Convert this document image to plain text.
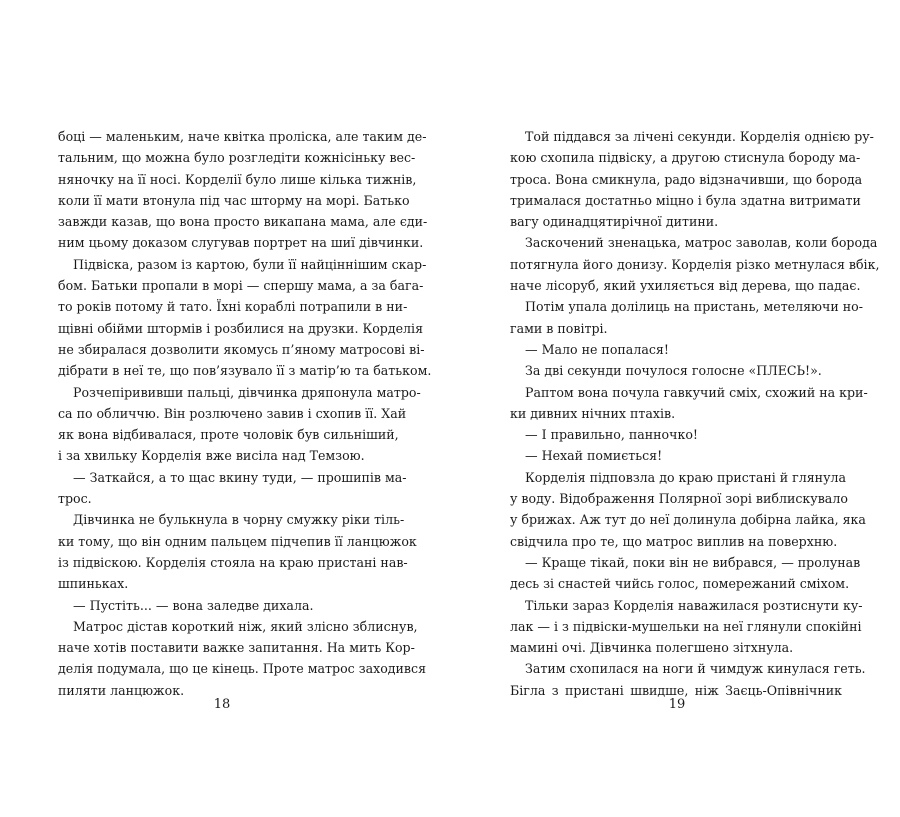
боці — маленьким, наче квітка проліска, але таким де-
тальним, що можна було розгледіти кожнісіньку вес-
няночку на її носі. Корделії було лише кілька тижнів,
коли її мати втонула під час шторму на морі. Батько
завжди казав, що вона просто викапана мама, але єди-
ним цьому доказом слугував портрет на шиї дівчинки.
Підвіска, разом із картою, були її найціннішим скар-
бом. Батьки пропали в морі — спершу мама, а за бага-
то років потому й тато. Їхні кораблі потрапили в ни-
щівні обійми штормів і розбилися на друзки. Корделія
не збиралася дозволити якомусь п’яному матросові ві-
дібрати в неї те, що пов’язувало її з матір’ю та батьком.
Розчепірививши пальці, дівчинка дряпонула матро-
са по обличчю. Він розлючено завив і схопив її. Хай
як вона відбивалася, проте чоловік був сильніший,
і за хвильку Корделія вже висіла над Темзою.
— Заткайся, а то щас вкину туди, — прошипів ма-
трос.
Дівчинка не булькнула в чорну смужку ріки тіль-
ки тому, що він одним пальцем підчепив її ланцюжок
із підвіскою. Корделія стояла на краю пристані нав-
шпиньках.
— Пустіть... — вона заледве дихала.
Матрос дістав короткий ніж, який злісно зблиснув,
наче хотів поставити важке запитання. На мить Кор-
делія подумала, що це кінець. Проте матрос заходився
пиляти ланцюжок.
18
Той піддався за лічені секунди. Корделія однією ру-
кою схопила підвіску, а другою стиснула бороду ма-
троса. Вона смикнула, радо відзначивши, що борода
трималася достатньо міцно і була здатна витримати
вагу одинадцятирічної дитини.
Заскочений зненацька, матрос заволав, коли борода
потягнула його донизу. Корделія різко метнулася вбік,
наче лісоруб, який ухиляється від дерева, що падає.
Потім упала долілиць на пристань, метеляючи но-
гами в повітрі.
— Мало не попалася!
За дві секунди почулося голосне «ПЛЕСЬ!».
Раптом вона почула гавкучий сміх, схожий на кри-
ки дивних нічних птахів.
— І правильно, панночко!
— Нехай помиється!
Корделія підповзла до краю пристані й глянула
у воду. Відображення Полярної зорі виблискувало
у брижах. Аж тут до неї долинула добірна лайка, яка
свідчила про те, що матрос виплив на поверхню.
— Краще тікай, поки він не вибрався, — пролунав
десь зі снастей чийсь голос, помережаний сміхом.
Тільки зараз Корделія наважилася розтиснути ку-
лак — і з підвіски-мушельки на неї глянули спокійні
мамині очі. Дівчинка полегшено зітхнула.
Затим схопилася на ноги й чимдуж кинулася геть.
Бігла з пристані швидше, ніж Заєць-Опівнічник
19
